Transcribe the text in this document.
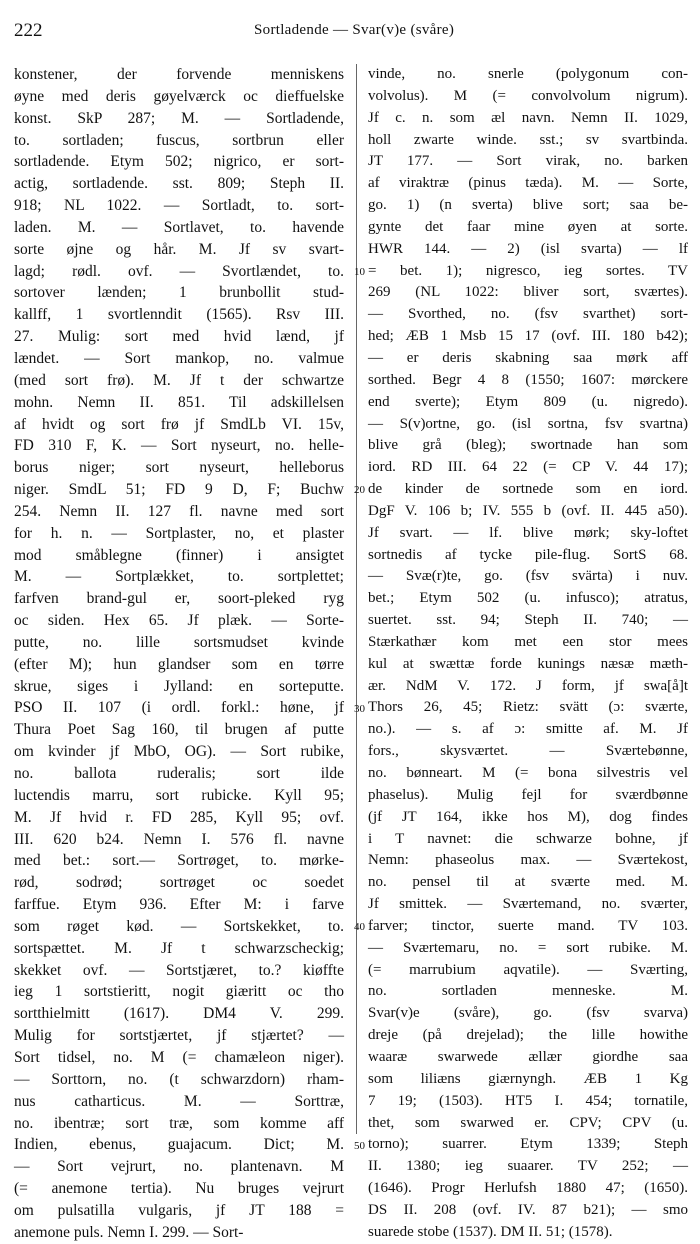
222	Sortladende — Svar(v)e (svåre)
konstener, der forvende menniskens
øyne med deris gøyelværck oc dieffuelske
konst. SkP 287; M. — Sortladende,
to. sortladen; fuscus, sortbrun eller
sortladende. Etym 502; nigrico, er sort-
actig, sortladende. sst. 809; Steph II.
918; NL 1022. — Sortladt, to. sort-
laden. M. — Sortlavet, to. havende
sorte øjne og hår. M. Jf sv svart-
lagd; rødl. ovf. — Svortlændet, to.
sortover lænden; 1 brunbollit stud-
kallff, 1 svortlenndit (1565). Rsv III.
27. Mulig: sort med hvid lænd, jf
lændet. — Sort mankop, no. valmue
(med sort frø). M. Jf t der schwartze
mohn. Nemn II. 851. Til adskillelsen
af hvidt og sort frø jf SmdLb VI. 15v,
FD 310 F, K. — Sort nyseurt, no. helle-
borus niger; sort nyseurt, helleborus
niger. SmdL 51; FD 9 D, F; Buchw
254. Nemn II. 127 fl. navne med sort
for h. n. — Sortplaster, no, et plaster
mod småblegne (finner) i ansigtet
M. — Sortplækket, to. sortplettet;
farfven brand-gul er, soort-pleked ryg
oc siden. Hex 65. Jf plæk. — Sorte-
putte, no. lille sortsmudset kvinde
(efter M); hun glandser som en tørre
skrue, siges i Jylland: en sorteputte.
PSO II. 107 (i ordl. forkl.: høne, jf
Thura Poet Sag 160, til brugen af putte
om kvinder jf MbO, OG). — Sort rubike,
no. ballota ruderalis; sort ilde
luctendis marru, sort rubicke. Kyll 95;
M. Jf hvid r. FD 285, Kyll 95; ovf.
III. 620 b24. Nemn I. 576 fl. navne
med bet.: sort.— Sortrøget, to. mørke-
rød, sodrød; sortrøget oc soedet
farffue. Etym 936. Efter M: i farve
som røget kød. — Sortskekket, to.
sortspættet. M. Jf t schwarzscheckig;
skekket ovf. — Sortstjæret, to.? kiøffte
ieg 1 sortstieritt, nogit giæritt oc tho
sortthielmitt (1617). DM4 V. 299.
Mulig for sortstjærtet, jf stjærtet? —
Sort tidsel, no. M (= chamæleon niger).
— Sorttorn, no. (t schwarzdorn) rham-
nus catharticus. M. — Sorttræ,
no. ibentræ; sort træ, som komme aff
Indien, ebenus, guajacum. Dict; M.
— Sort vejrurt, no. plantenavn. M
(= anemone tertia). Nu bruges vejrurt
om pulsatilla vulgaris, jf JT 188 =
anemone puls. Nemn I. 299. — Sort-
vinde, no. snerle (polygonum con-
volvolus). M (= convolvolum nigrum).
Jf c. n. som æl navn. Nemn II. 1029,
holl zwarte winde. sst.; sv svartbinda.
JT 177. — Sort virak, no. barken
af viraktræ (pinus tæda). M. — Sorte,
go. 1) (n sverta) blive sort; saa be-
gynte det faar mine øyen at sorte.
HWR 144. — 2) (isl svarta) — lf
= bet. 1); nigresco, ieg sortes. TV
269 (NL 1022: bliver sort, sværtes).
— Svorthed, no. (fsv svarthet) sort-
hed; ÆB 1 Msb 15 17 (ovf. III. 180 b42);
— er deris skabning saa mørk aff
sorthed. Begr 4 8 (1550; 1607: mørckere
end sverte); Etym 809 (u. nigredo).
— S(v)ortne, go. (isl sortna, fsv svartna)
blive grå (bleg); swortnade han som
iord. RD III. 64 22 (= CP V. 44 17);
de kinder de sortnede som en iord.
DgF V. 106 b; IV. 555 b (ovf. II. 445 a50).
Jf svart. — lf. blive mørk; sky-loftet
sortnedis af tycke pile-flug. SortS 68.
— Svæ(r)te, go. (fsv svärta) i nuv.
bet.; Etym 502 (u. infusco); atratus,
suertet. sst. 94; Steph II. 740; —
Stærkathær kom met een stor mees
kul at swættæ forde kunings næsæ mæth-
ær. NdM V. 172. J form, jf swa[å]t
Thors 26, 45; Rietz: svätt (ɔ: sværte,
no.). — s. af ɔ: smitte af. M. Jf
fors., skysværtet. — Sværtebønne,
no. bønneart. M (= bona silvestris vel
phaselus). Mulig fejl for sværdbønne
(jf JT 164, ikke hos M), dog findes
i T navnet: die schwarze bohne, jf
Nemn: phaseolus max. — Sværtekost,
no. pensel til at sværte med. M.
Jf smittek. — Sværtemand, no. sværter,
farver; tinctor, suerte mand. TV 103.
— Sværtemaru, no. = sort rubike. M.
(= marrubium aqvatile). — Sværting,
no. sortladen menneske. M.
Svar(v)e (svåre), go. (fsv svarva)
dreje (på drejelad); the lille howithe
waaræ swarwede ællær giordhe saa
som liliæns giærnyngh. ÆB 1 Kg
7 19; (1503). HT5 I. 454; tornatile,
thet, som swarwed er. CPV; CPV (u.
torno); suarrer. Etym 1339; Steph
II. 1380; ieg suaarer. TV 252; —
(1646). Progr Herlufsh 1880 47; (1650).
DS II. 208 (ovf. IV. 87 b21); — smo
suarede stobe (1537). DM II. 51; (1578).
10
20
30
40
50
